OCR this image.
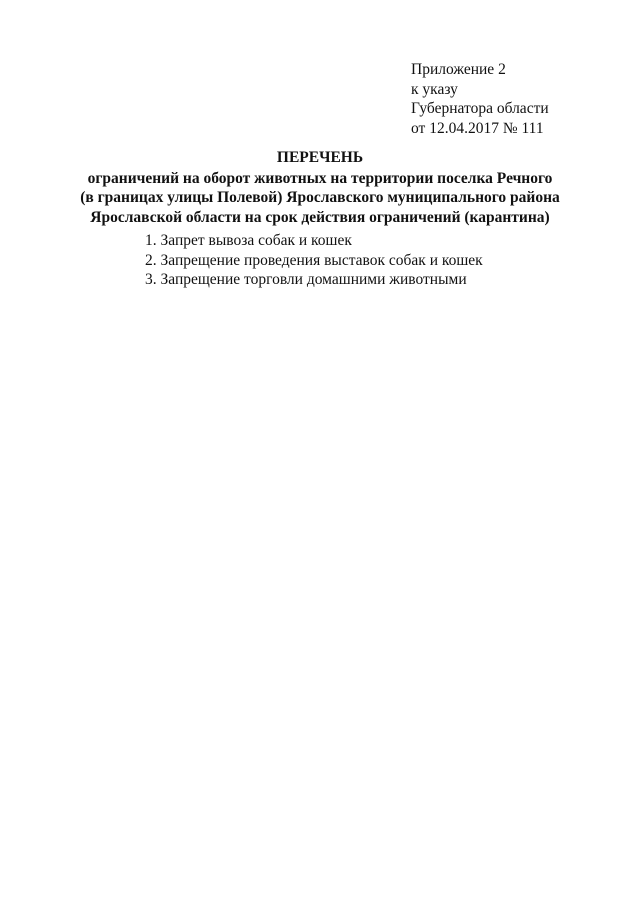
Приложение 2
к указу
Губернатора области
от 12.04.2017 № 111
ПЕРЕЧЕНЬ
ограничений на оборот животных на территории поселка Речного
(в границах улицы Полевой) Ярославского муниципального района
Ярославской области на срок действия ограничений (карантина)
1. Запрет вывоза собак и кошек
2. Запрещение проведения выставок собак и кошек
3. Запрещение торговли домашними животными
